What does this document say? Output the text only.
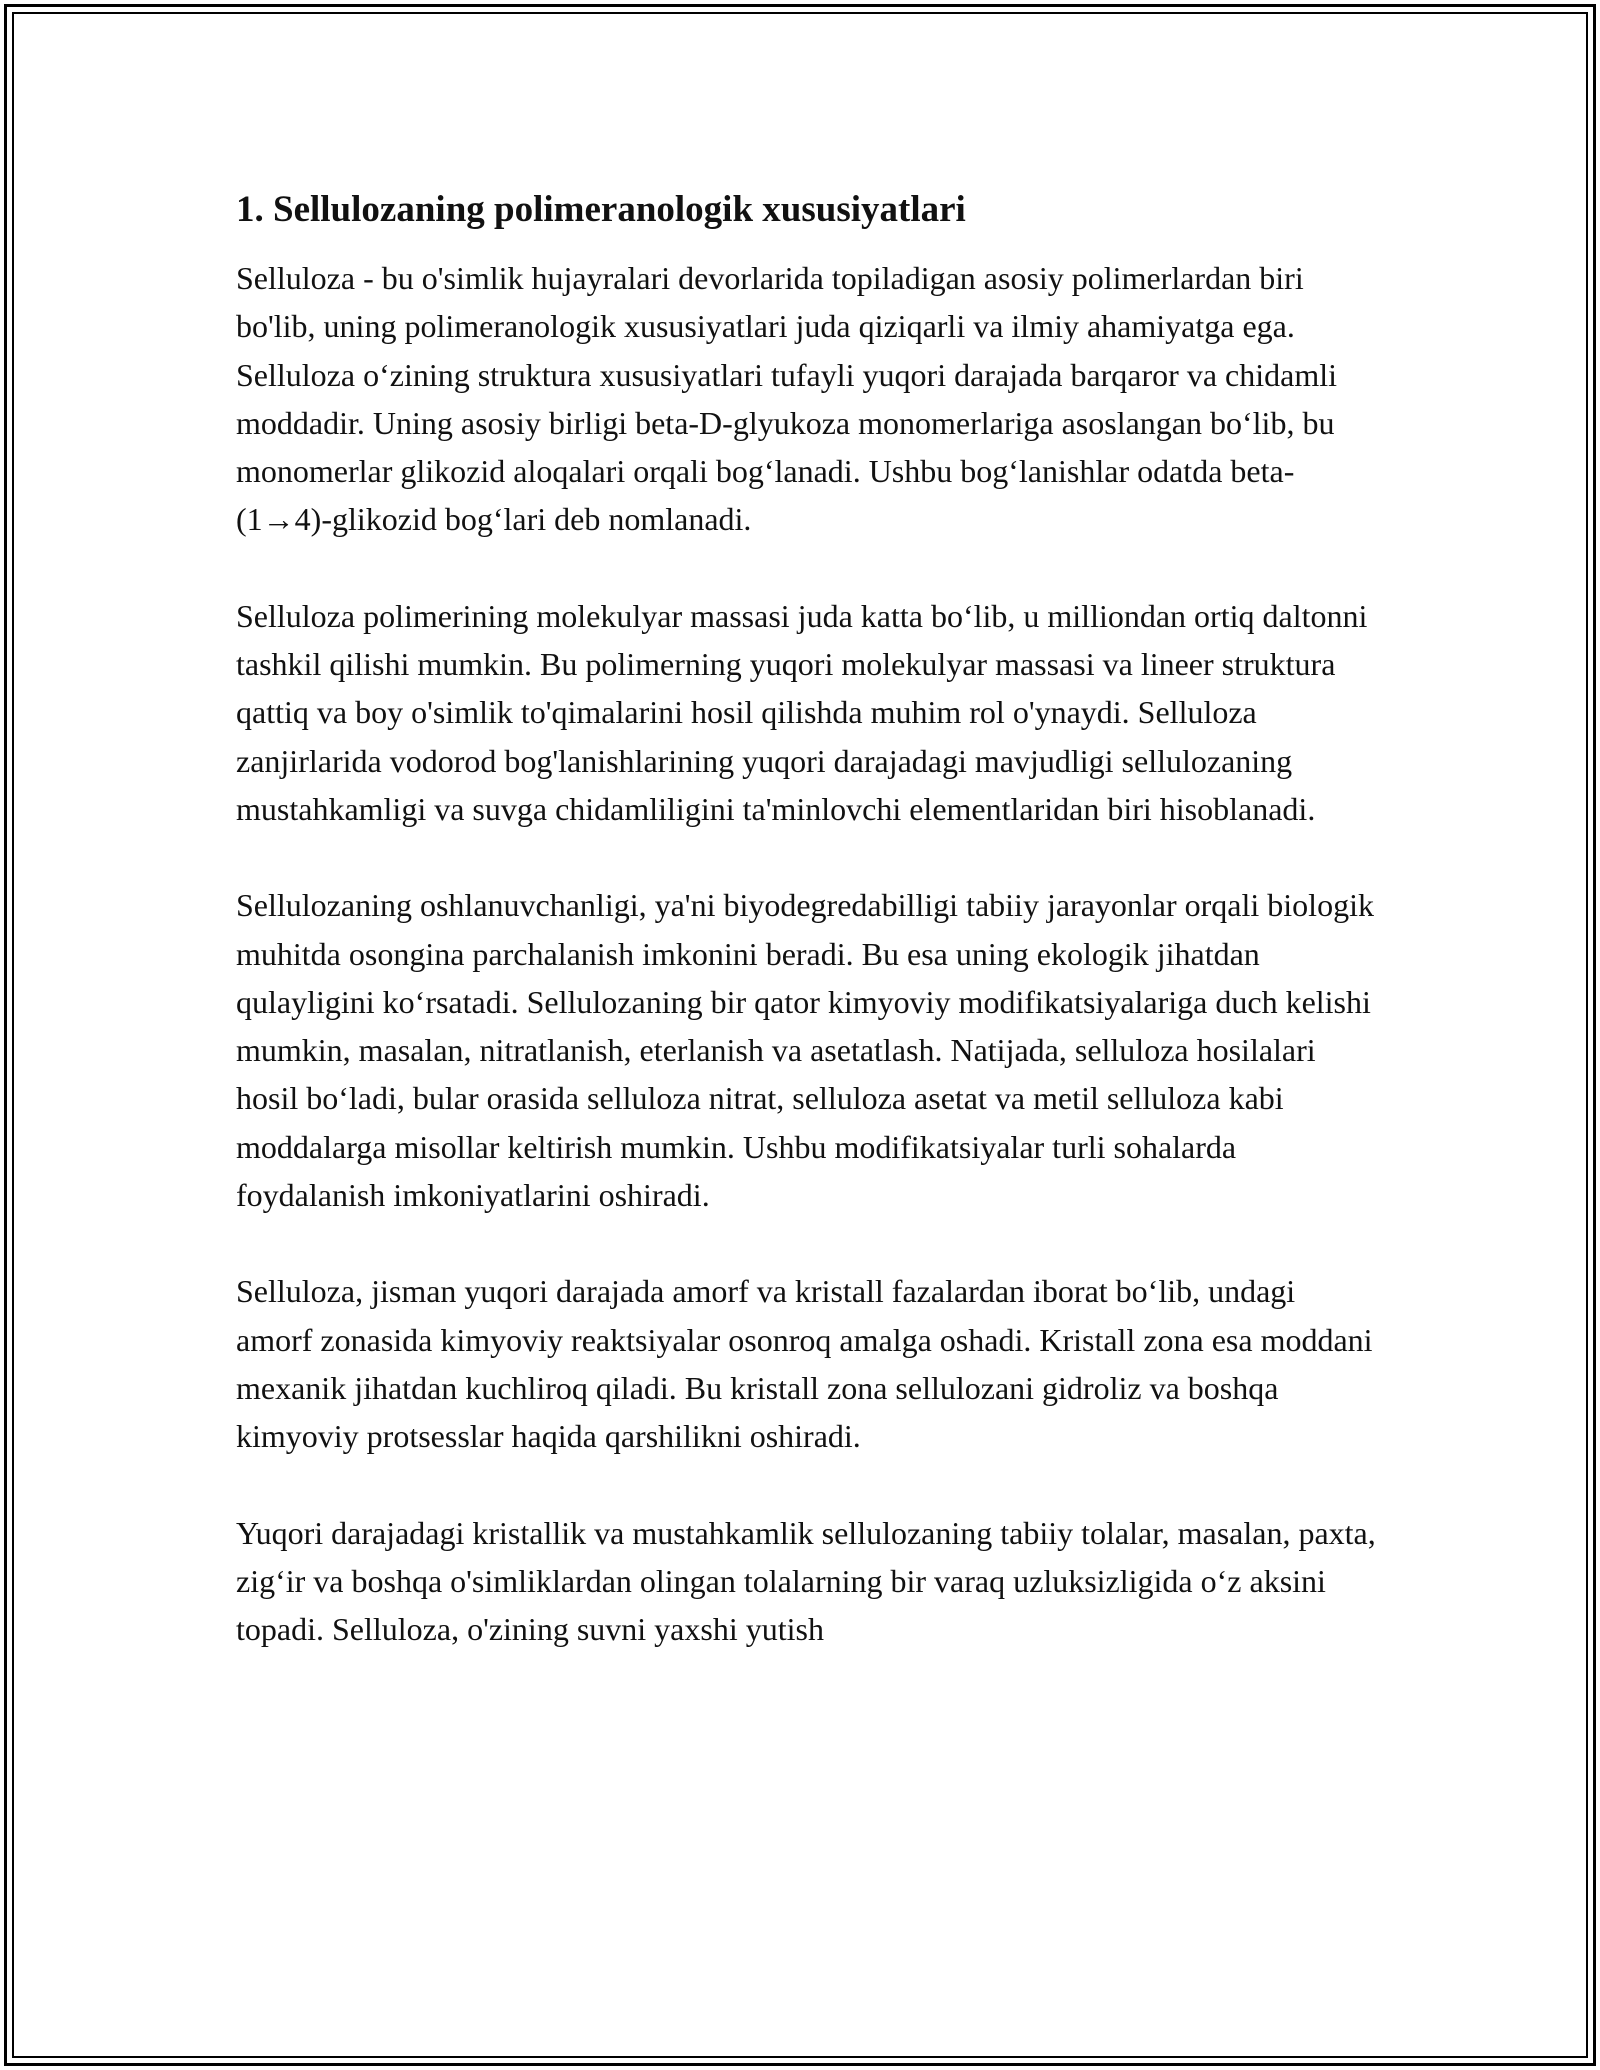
1. Sellulozaning polimeranologik xususiyatlari

Selluloza - bu o'simlik hujayralari devorlarida topiladigan asosiy polimerlardan biri bo'lib, uning polimeranologik xususiyatlari juda qiziqarli va ilmiy ahamiyatga ega. Selluloza oʻzining struktura xususiyatlari tufayli yuqori darajada barqaror va chidamli moddadir. Uning asosiy birligi beta-D-glyukoza monomerlariga asoslangan boʻlib, bu monomerlar glikozid aloqalari orqali bogʻlanadi. Ushbu bogʻlanishlar odatda beta-(1→4)-glikozid bogʻlari deb nomlanadi.

Selluloza polimerining molekulyar massasi juda katta boʻlib, u milliondan ortiq daltonni tashkil qilishi mumkin. Bu polimerning yuqori molekulyar massasi va lineer struktura qattiq va boy o'simlik to'qimalarini hosil qilishda muhim rol o'ynaydi. Selluloza zanjirlarida vodorod bog'lanishlarining yuqori darajadagi mavjudligi sellulozaning mustahkamligi va suvga chidamliligini ta'minlovchi elementlaridan biri hisoblanadi.

Sellulozaning oshlanuvchanligi, ya'ni biyodegredabilligi tabiiy jarayonlar orqali biologik muhitda osongina parchalanish imkonini beradi. Bu esa uning ekologik jihatdan qulayligini koʻrsatadi. Sellulozaning bir qator kimyoviy modifikatsiyalariga duch kelishi mumkin, masalan, nitratlanish, eterlanish va asetatlash. Natijada, selluloza hosilalari hosil boʻladi, bular orasida selluloza nitrat, selluloza asetat va metil selluloza kabi moddalarga misollar keltirish mumkin. Ushbu modifikatsiyalar turli sohalarda foydalanish imkoniyatlarini oshiradi.

Selluloza, jisman yuqori darajada amorf va kristall fazalardan iborat boʻlib, undagi amorf zonasida kimyoviy reaktsiyalar osonroq amalga oshadi. Kristall zona esa moddani mexanik jihatdan kuchliroq qiladi. Bu kristall zona sellulozani gidroliz va boshqa kimyoviy protsesslar haqida qarshilikni oshiradi.

Yuqori darajadagi kristallik va mustahkamlik sellulozaning tabiiy tolalar, masalan, paxta, zigʻir va boshqa o'simliklardan olingan tolalarning bir varaq uzluksizligida oʻz aksini topadi. Selluloza, o'zining suvni yaxshi yutish
